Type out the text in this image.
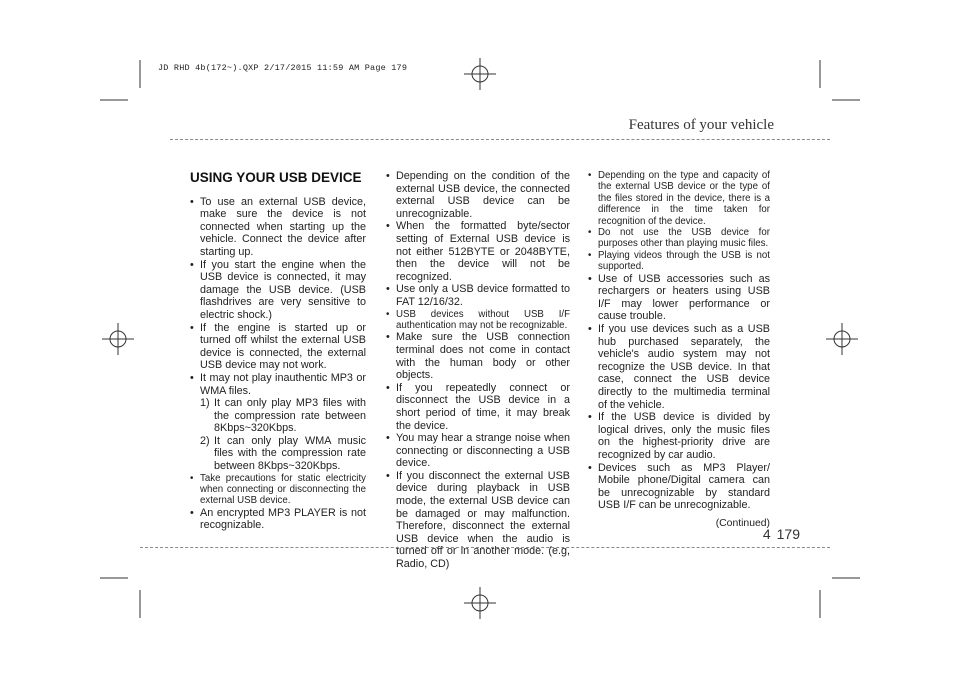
JD RHD 4b(172~).QXP 2/17/2015 11:59 AM Page 179
Features of your vehicle
USING YOUR USB DEVICE
• To use an external USB device, make sure the device is not connected when starting up the vehicle. Connect the device after starting up.
• If you start the engine when the USB device is connected, it may damage the USB device. (USB flashdrives are very sensitive to electric shock.)
• If the engine is started up or turned off whilst the external USB device is connected, the external USB device may not work.
• It may not play inauthentic MP3 or WMA files.
1) It can only play MP3 files with the compression rate between 8Kbps~320Kbps.
2) It can only play WMA music files with the compression rate between 8Kbps~320Kbps.
• Take precautions for static electricity when connecting or disconnecting the external USB device.
• An encrypted MP3 PLAYER is not recognizable.
• Depending on the condition of the external USB device, the connected external USB device can be unrecognizable.
• When the formatted byte/sector setting of External USB device is not either 512BYTE or 2048BYTE, then the device will not be recognized.
• Use only a USB device formatted to FAT 12/16/32.
• USB devices without USB I/F authentication may not be recognizable.
• Make sure the USB connection terminal does not come in contact with the human body or other objects.
• If you repeatedly connect or disconnect the USB device in a short period of time, it may break the device.
• You may hear a strange noise when connecting or disconnecting a USB device.
• If you disconnect the external USB device during playback in USB mode, the external USB device can be damaged or may malfunction. Therefore, disconnect the external USB device when the audio is turned off or in another mode. (e.g, Radio, CD)
• Depending on the type and capacity of the external USB device or the type of the files stored in the device, there is a difference in the time taken for recognition of the device.
• Do not use the USB device for purposes other than playing music files.
• Playing videos through the USB is not supported.
• Use of USB accessories such as rechargers or heaters using USB I/F may lower performance or cause trouble.
• If you use devices such as a USB hub purchased separately, the vehicle's audio system may not recognize the USB device. In that case, connect the USB device directly to the multimedia terminal of the vehicle.
• If the USB device is divided by logical drives, only the music files on the highest-priority drive are recognized by car audio.
• Devices such as MP3 Player/ Mobile phone/Digital camera can be unrecognizable by standard USB I/F can be unrecognizable.
(Continued)
4 179
